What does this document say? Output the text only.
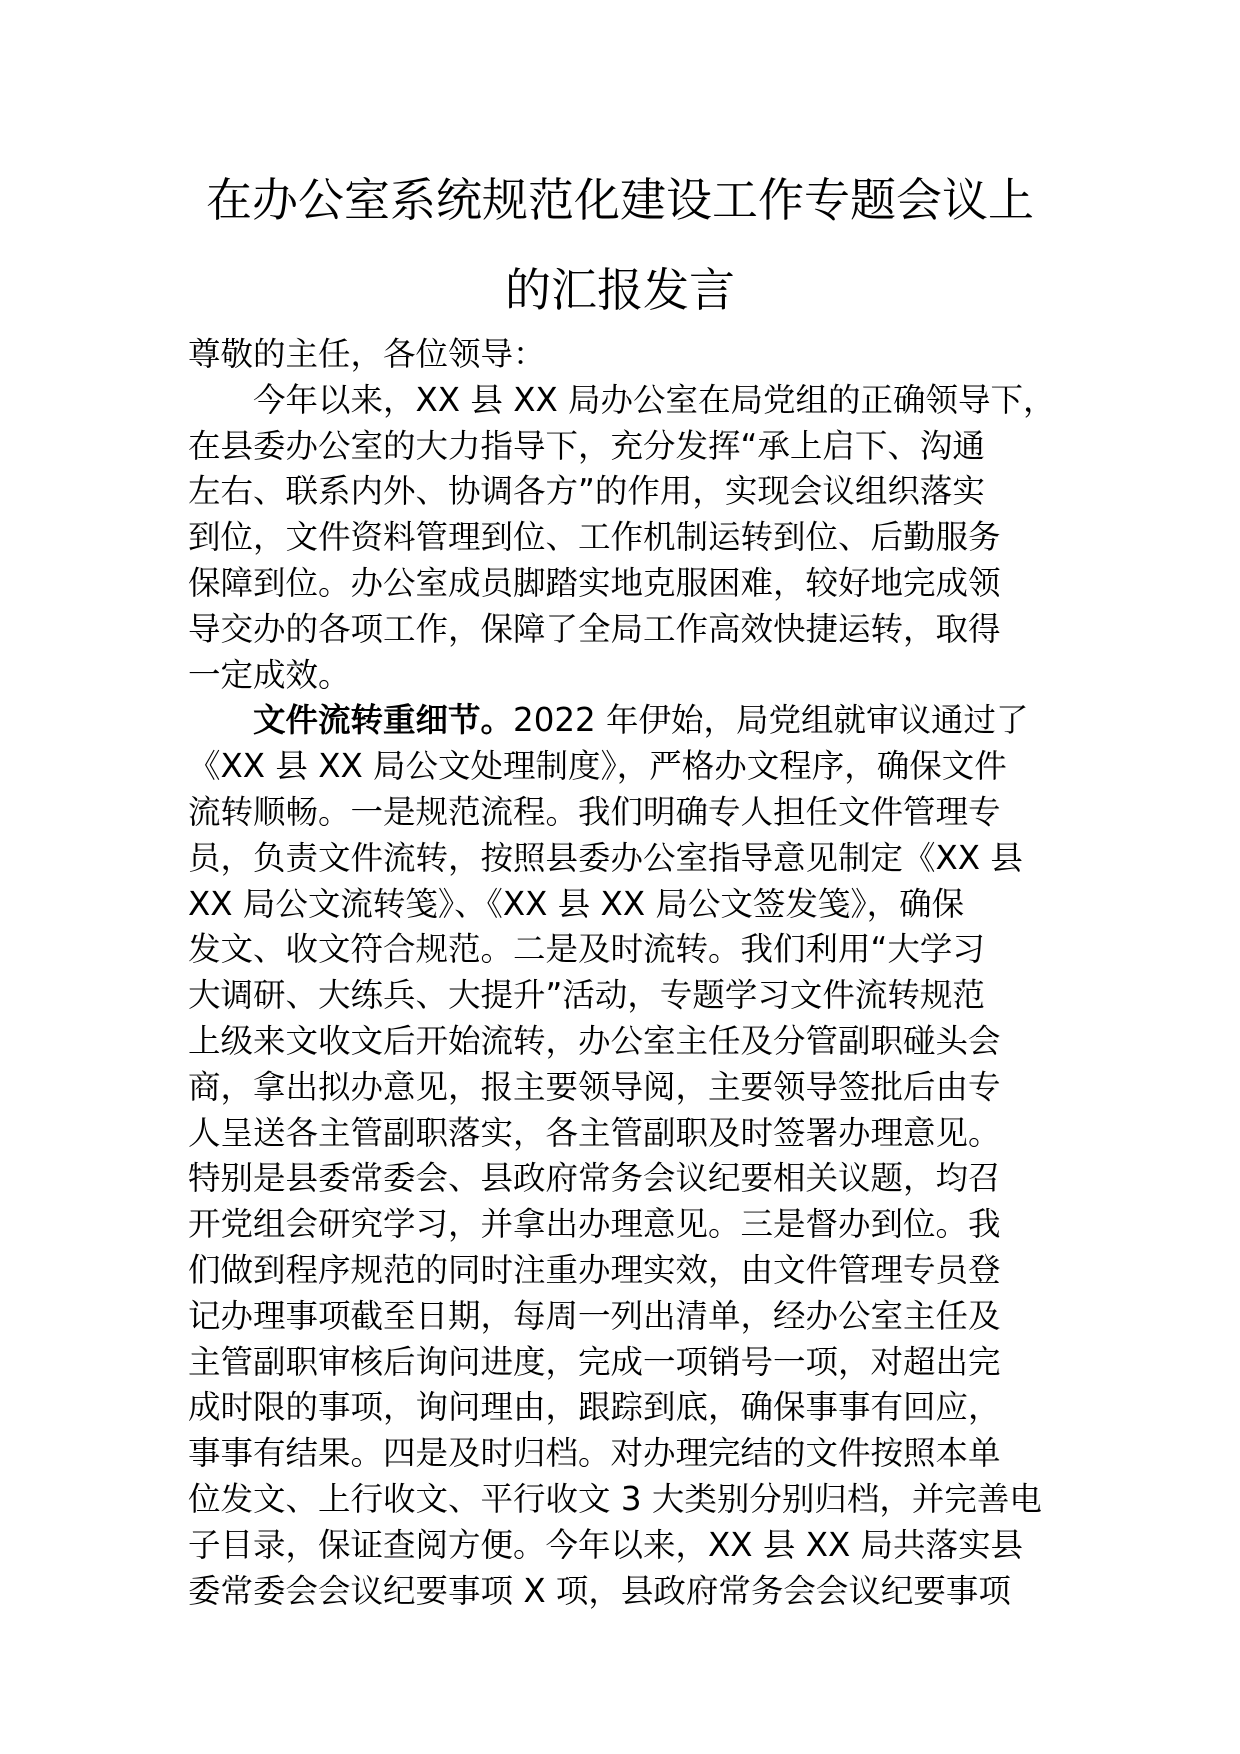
在办公室系统规范化建设工作专题会议上
的汇报发言
尊敬的主任，各位领导：
今年以来，XX 县 XX 局办公室在局党组的正确领导下，
在县委办公室的大力指导下，充分发挥“承上启下、沟通
左右、联系内外、协调各方”的作用，实现会议组织落实
到位，文件资料管理到位、工作机制运转到位、后勤服务
保障到位。办公室成员脚踏实地克服困难，较好地完成领
导交办的各项工作，保障了全局工作高效快捷运转，取得
一定成效。
文件流转重细节。2022 年伊始，局党组就审议通过了
《XX 县 XX 局公文处理制度》，严格办文程序，确保文件
流转顺畅。一是规范流程。我们明确专人担任文件管理专
员，负责文件流转，按照县委办公室指导意见制定《XX 县
XX 局公文流转笺》、《XX 县 XX 局公文签发笺》，确保
发文、收文符合规范。二是及时流转。我们利用“大学习
大调研、大练兵、大提升”活动，专题学习文件流转规范
上级来文收文后开始流转，办公室主任及分管副职碰头会
商，拿出拟办意见，报主要领导阅，主要领导签批后由专
人呈送各主管副职落实，各主管副职及时签署办理意见。
特别是县委常委会、县政府常务会议纪要相关议题，均召
开党组会研究学习，并拿出办理意见。三是督办到位。我
们做到程序规范的同时注重办理实效，由文件管理专员登
记办理事项截至日期，每周一列出清单，经办公室主任及
主管副职审核后询问进度，完成一项销号一项，对超出完
成时限的事项，询问理由，跟踪到底，确保事事有回应，
事事有结果。四是及时归档。对办理完结的文件按照本单
位发文、上行收文、平行收文 3 大类别分别归档，并完善电
子目录，保证查阅方便。今年以来，XX 县 XX 局共落实县
委常委会会议纪要事项 X 项，县政府常务会会议纪要事项
